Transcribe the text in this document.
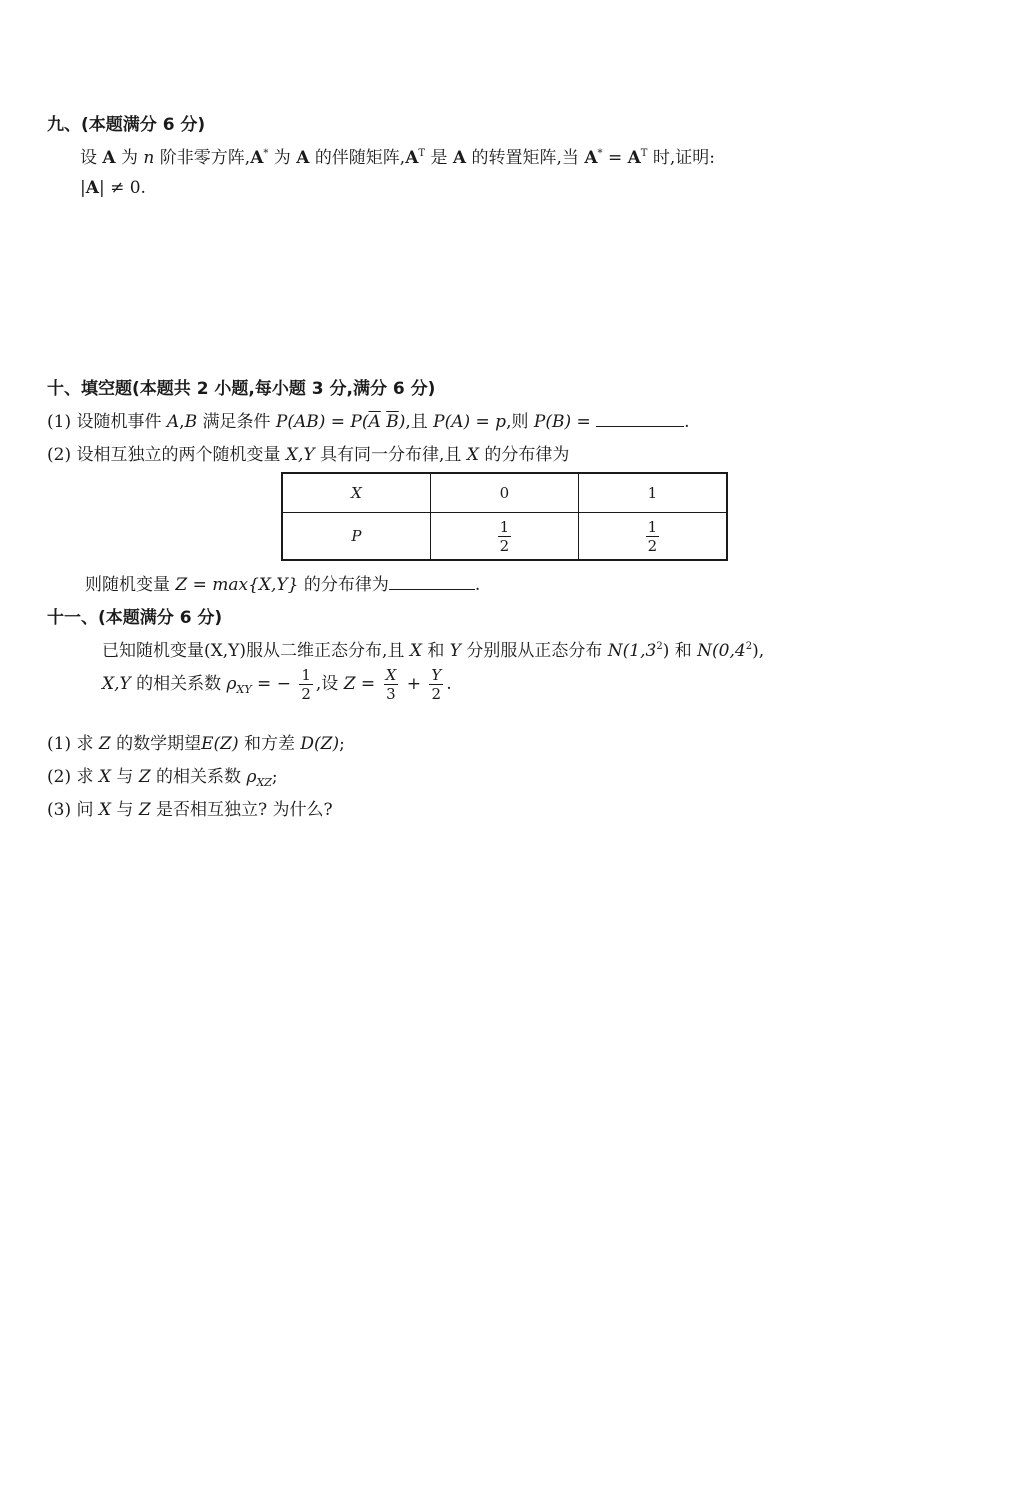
九、(本题满分 6 分)
设 A 为 n 阶非零方阵,A* 为 A 的伴随矩阵$,A^T$ 是 A 的转置矩阵,当 $A^* = A^T$ 时,证明:
|A| ≠ 0.
十、填空题(本题共 2 小题,每小题 3 分,满分 6 分)
(1) 设随机事件 A,B 满足条件 $P(AB) = P(\overline{A}$ $\overline{B}$),且 P(A) = p,则 P(B) =	.
(2) 设相互独立的两个随机变量 X,Y 具有同一分布律,且 X 的分布律为
X	0	1
P	$\frac{1}{2}$	$\frac{1}{2}$
则随机变量 Z = max{X,Y} 的分布律为	.
十一、(本题满分 6 分)
已知随机变量(X,Y)服从二维正态分布,且 X 和 Y 分别服从正态分布 $N(1,3^2)$ 和 $N(0,4^2)$,
X,Y 的相关系数 $\rho_{XY}$ = − $\frac{1}{2}$ ,设 $Z = \frac{X}{3} + \frac{Y}{2}$ .
(1) 求 Z 的数学期望E(Z) 和方差 D(Z);
(2) 求 X 与 Z 的相关系数 $\rho_{XZ}$;
(3) 问 X 与 Z 是否相互独立? 为什么?
